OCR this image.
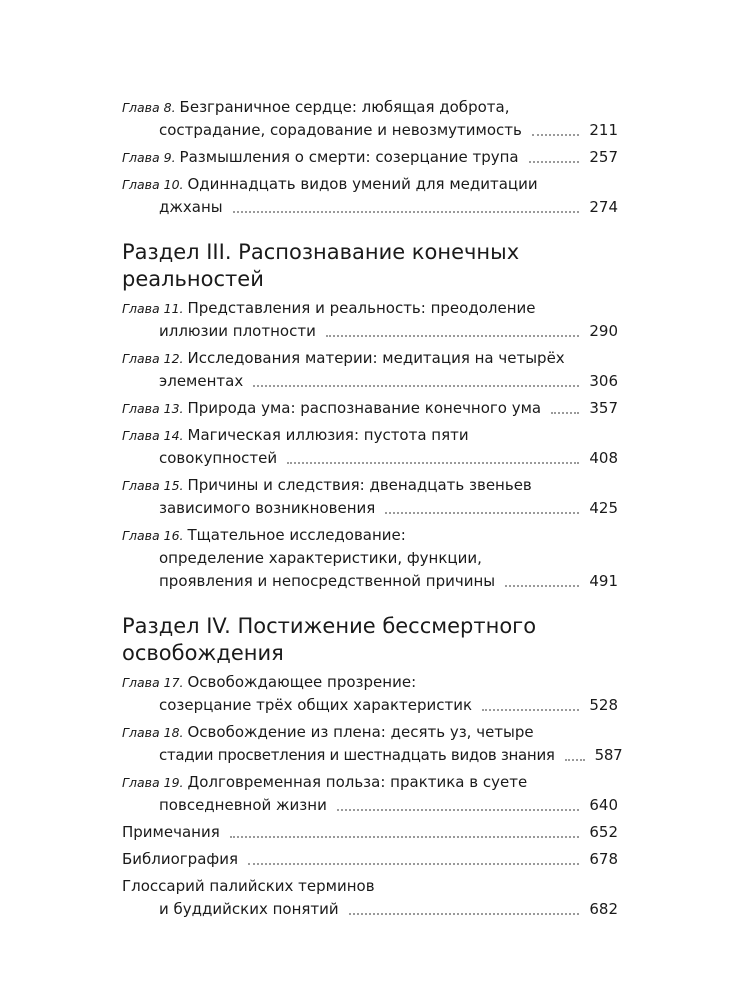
Глава 8. Безграничное сердце: любящая доброта,
сострадание, сорадование и невозмутимость	211
Глава 9. Размышления о смерти: созерцание трупа	257
Глава 10. Одиннадцать видов умений для медитации
джханы	274
Раздел III. Распознавание конечных
реальностей
Глава 11. Представления и реальность: преодоление
иллюзии плотности	290
Глава 12. Исследования материи: медитация на четырёх
элементах	306
Глава 13. Природа ума: распознавание конечного ума	357
Глава 14. Магическая иллюзия: пустота пяти
совокупностей	408
Глава 15. Причины и следствия: двенадцать звеньев
зависимого возникновения	425
Глава 16. Тщательное исследование:
определение характеристики, функции,
проявления и непосредственной причины	491
Раздел IV. Постижение бессмертного
освобождения
Глава 17. Освобождающее прозрение:
созерцание трёх общих характеристик	528
Глава 18. Освобождение из плена: десять уз, четыре
стадии просветления и шестнадцать видов знания	587
Глава 19. Долговременная польза: практика в суете
повседневной жизни	640
Примечания	652
Библиография	678
Глоссарий палийских терминов
и буддийских понятий	682
